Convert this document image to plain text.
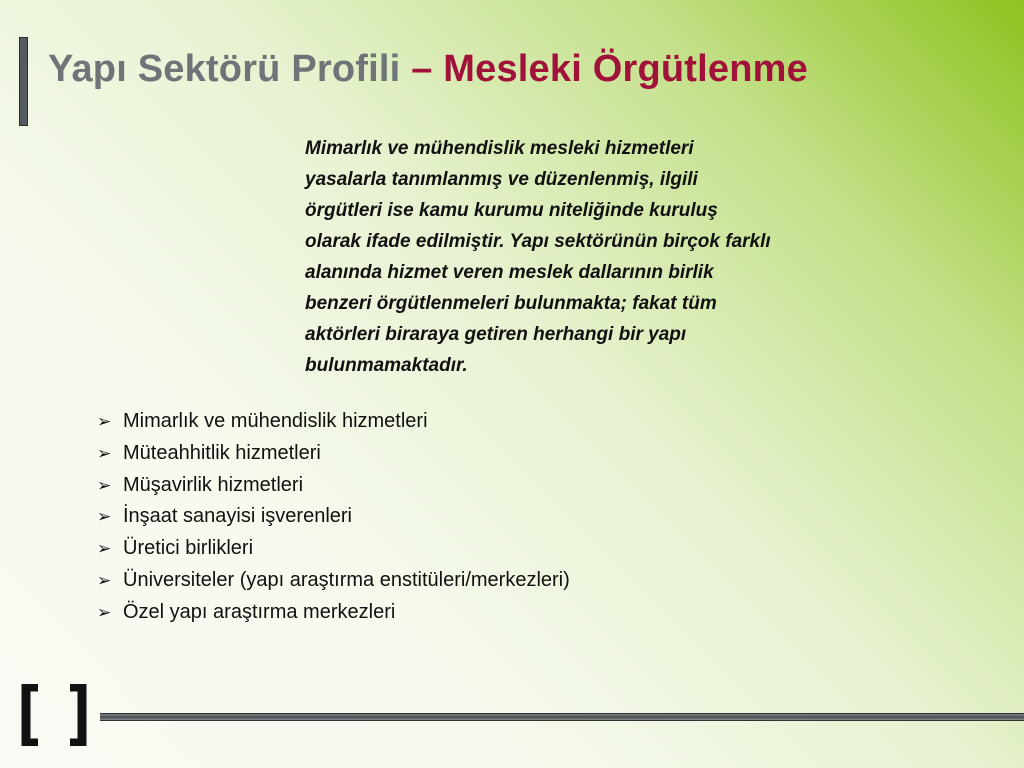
Yapı Sektörü Profili – Mesleki Örgütlenme

Mimarlık ve mühendislik mesleki hizmetleri
yasalarla tanımlanmış ve düzenlenmiş, ilgili
örgütleri ise kamu kurumu niteliğinde kuruluş
olarak ifade edilmiştir. Yapı sektörünün birçok farklı
alanında hizmet veren meslek dallarının birlik
benzeri örgütlenmeleri bulunmakta; fakat tüm
aktörleri biraraya getiren herhangi bir yapı
bulunmamaktadır.

➢ Mimarlık ve mühendislik hizmetleri
➢ Müteahhitlik hizmetleri
➢ Müşavirlik hizmetleri
➢ İnşaat sanayisi işverenleri
➢ Üretici birlikleri
➢ Üniversiteler (yapı araştırma enstitüleri/merkezleri)
➢ Özel yapı araştırma merkezleri
